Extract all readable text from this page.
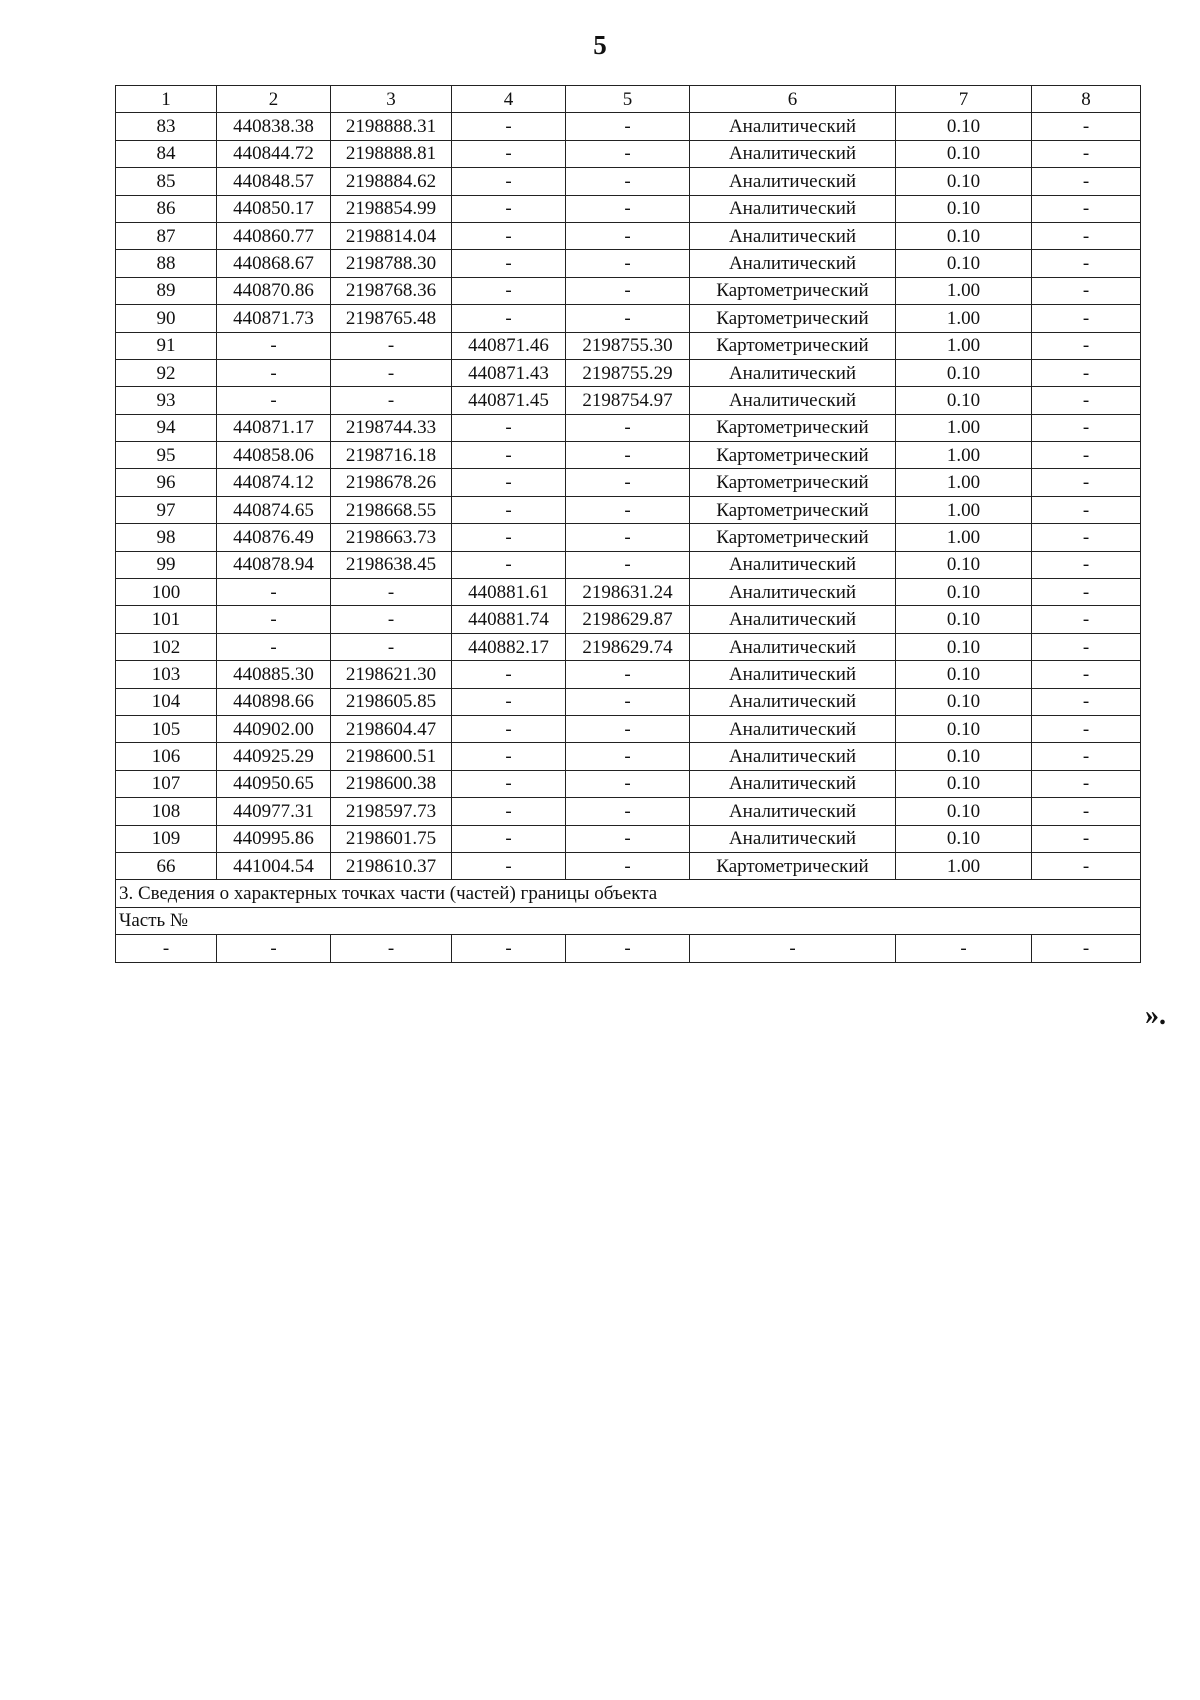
5
1	2	3	4	5	6	7	8
83	440838.38	2198888.31	-	-	Аналитический	0.10	-
84	440844.72	2198888.81	-	-	Аналитический	0.10	-
85	440848.57	2198884.62	-	-	Аналитический	0.10	-
86	440850.17	2198854.99	-	-	Аналитический	0.10	-
87	440860.77	2198814.04	-	-	Аналитический	0.10	-
88	440868.67	2198788.30	-	-	Аналитический	0.10	-
89	440870.86	2198768.36	-	-	Картометрический	1.00	-
90	440871.73	2198765.48	-	-	Картометрический	1.00	-
91	-	-	440871.46	2198755.30	Картометрический	1.00	-
92	-	-	440871.43	2198755.29	Аналитический	0.10	-
93	-	-	440871.45	2198754.97	Аналитический	0.10	-
94	440871.17	2198744.33	-	-	Картометрический	1.00	-
95	440858.06	2198716.18	-	-	Картометрический	1.00	-
96	440874.12	2198678.26	-	-	Картометрический	1.00	-
97	440874.65	2198668.55	-	-	Картометрический	1.00	-
98	440876.49	2198663.73	-	-	Картометрический	1.00	-
99	440878.94	2198638.45	-	-	Аналитический	0.10	-
100	-	-	440881.61	2198631.24	Аналитический	0.10	-
101	-	-	440881.74	2198629.87	Аналитический	0.10	-
102	-	-	440882.17	2198629.74	Аналитический	0.10	-
103	440885.30	2198621.30	-	-	Аналитический	0.10	-
104	440898.66	2198605.85	-	-	Аналитический	0.10	-
105	440902.00	2198604.47	-	-	Аналитический	0.10	-
106	440925.29	2198600.51	-	-	Аналитический	0.10	-
107	440950.65	2198600.38	-	-	Аналитический	0.10	-
108	440977.31	2198597.73	-	-	Аналитический	0.10	-
109	440995.86	2198601.75	-	-	Аналитический	0.10	-
66	441004.54	2198610.37	-	-	Картометрический	1.00	-
3. Сведения о характерных точках части (частей) границы объекта							
Часть №							
-	-	-	-	-	-	-	-
».
